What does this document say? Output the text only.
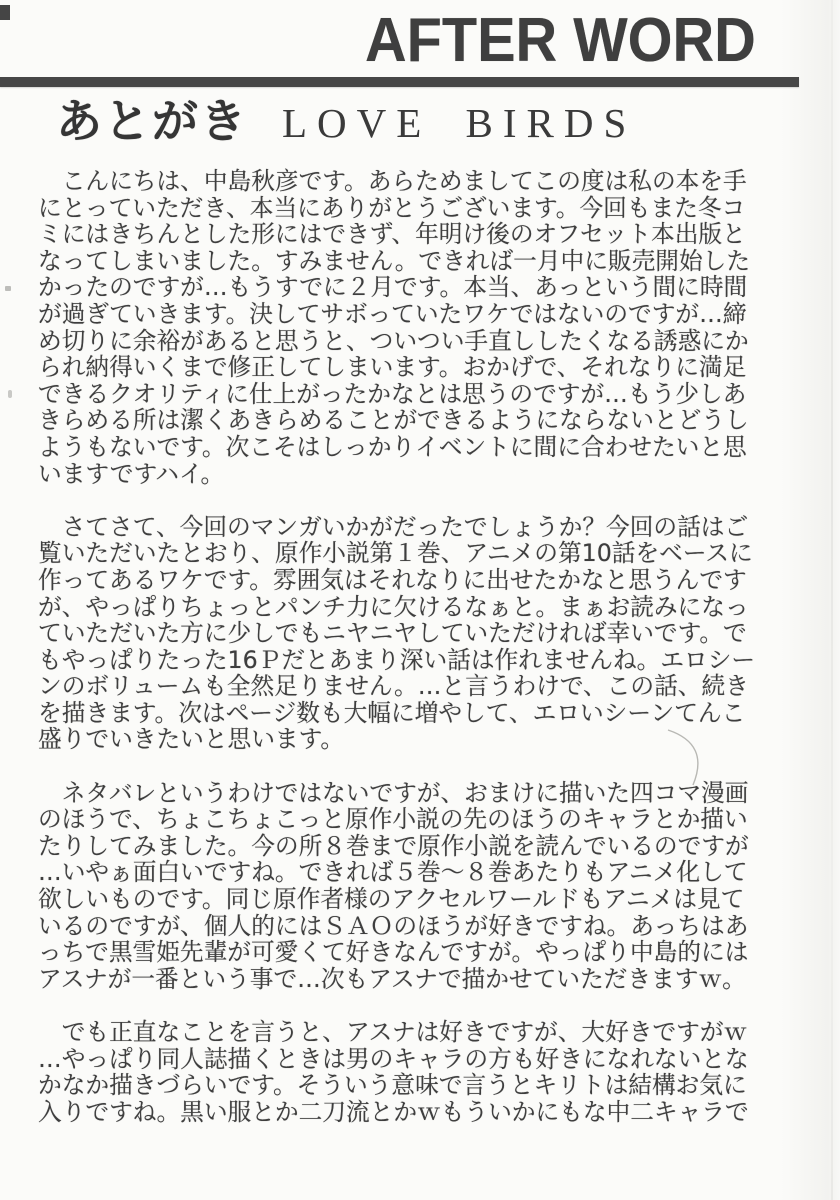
AFTER WORD
あとがき LOVE BIRDS

　こんにちは、中島秋彦です。あらためましてこの度は私の本を手
にとっていただき、本当にありがとうございます。今回もまた冬コ
ミにはきちんとした形にはできず、年明け後のオフセット本出版と
なってしまいました。すみません。できれば一月中に販売開始した
かったのですが…もうすでに２月です。本当、あっという間に時間
が過ぎていきます。決してサボっていたワケではないのですが…締
め切りに余裕があると思うと、ついつい手直ししたくなる誘惑にか
られ納得いくまで修正してしまいます。おかげで、それなりに満足
できるクオリティに仕上がったかなとは思うのですが…もう少しあ
きらめる所は潔くあきらめることができるようにならないとどうし
ようもないです。次こそはしっかりイベントに間に合わせたいと思
いますですハイ。

　さてさて、今回のマンガいかがだったでしょうか？今回の話はご
覧いただいたとおり、原作小説第１巻、アニメの第10話をベースに
作ってあるワケです。雰囲気はそれなりに出せたかなと思うんです
が、やっぱりちょっとパンチ力に欠けるなぁと。まぁお読みになっ
ていただいた方に少しでもニヤニヤしていただければ幸いです。で
もやっぱりたった16Ｐだとあまり深い話は作れませんね。エロシー
ンのボリュームも全然足りません。…と言うわけで、この話、続き
を描きます。次はページ数も大幅に増やして、エロいシーンてんこ
盛りでいきたいと思います。

　ネタバレというわけではないですが、おまけに描いた四コマ漫画
のほうで、ちょこちょこっと原作小説の先のほうのキャラとか描い
たりしてみました。今の所８巻まで原作小説を読んでいるのですが
…いやぁ面白いですね。できれば５巻〜８巻あたりもアニメ化して
欲しいものです。同じ原作者様のアクセルワールドもアニメは見て
いるのですが、個人的にはＳＡＯのほうが好きですね。あっちはあ
っちで黒雪姫先輩が可愛くて好きなんですが。やっぱり中島的には
アスナが一番という事で…次もアスナで描かせていただきますｗ。

　でも正直なことを言うと、アスナは好きですが、大好きですがｗ
…やっぱり同人誌描くときは男のキャラの方も好きになれないとな
かなか描きづらいです。そういう意味で言うとキリトは結構お気に
入りですね。黒い服とか二刀流とかｗもういかにもな中二キャラで
